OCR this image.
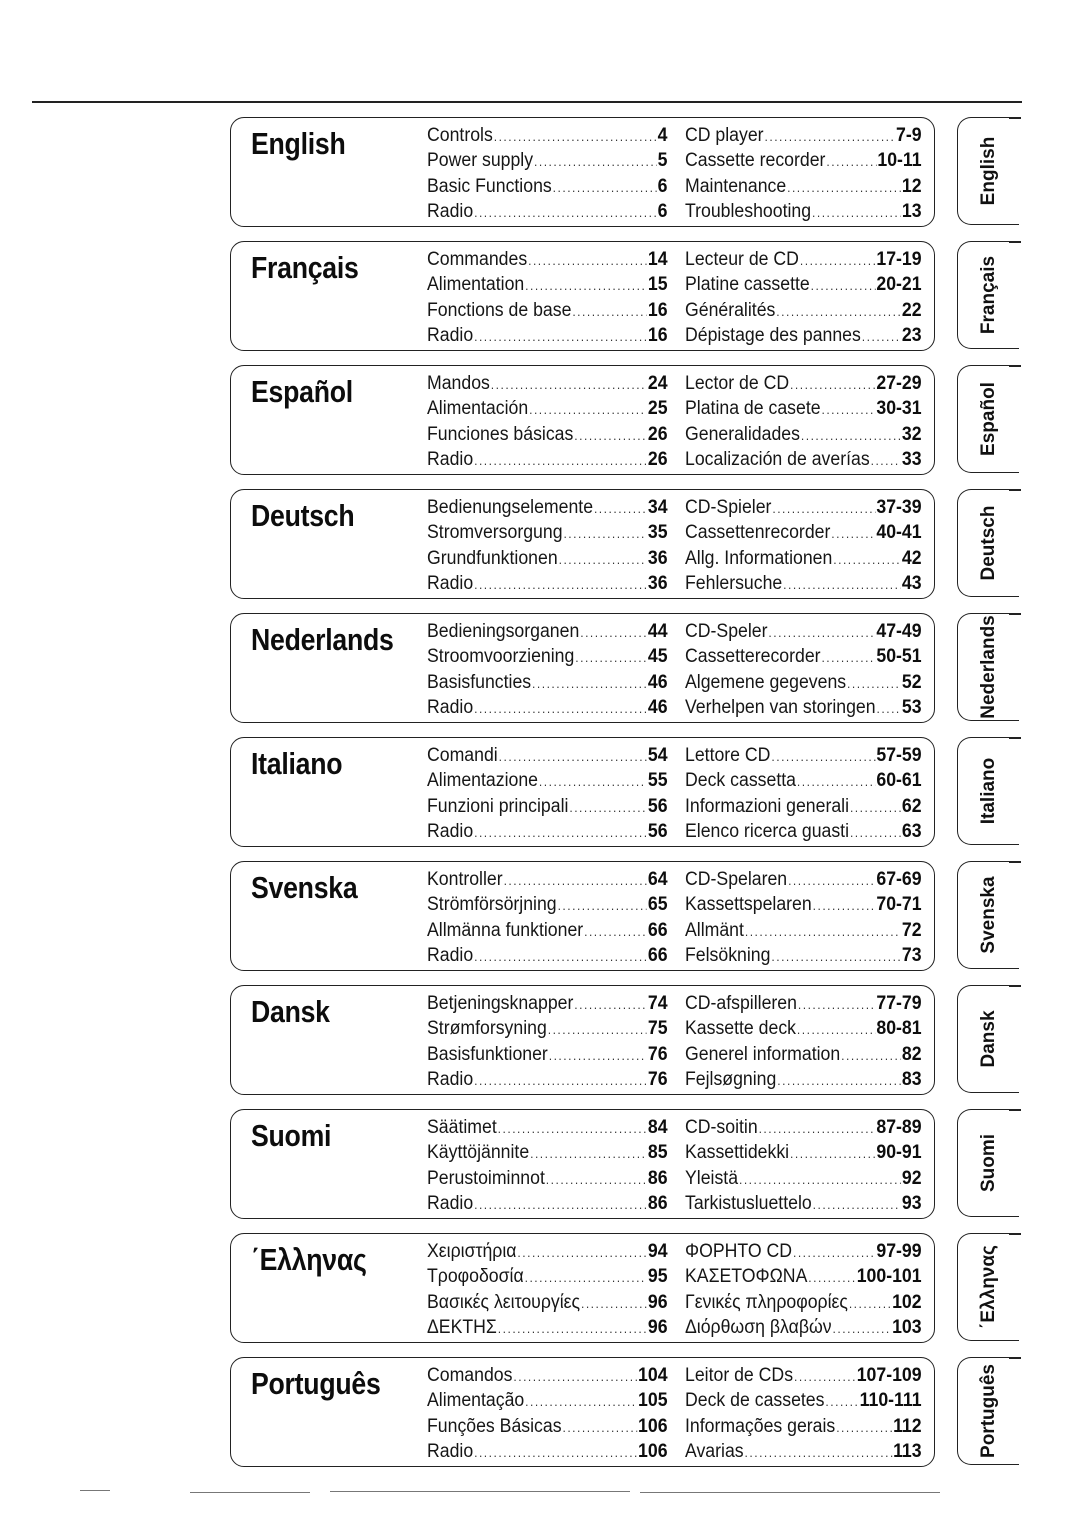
English	Controls .....	4
Power supply .....	5
Basic Functions .....	6
Radio .....	6
CD player .....	7-9
Cassette recorder .....	10-11
Maintenance .....	12
Troubleshooting .....	13
Français	Commandes .....	14
Alimentation .....	15
Fonctions de base .....	16
Radio .....	16
Lecteur de CD .....	17-19
Platine cassette .....	20-21
Généralités .....	22
Dépistage des pannes ..... 23
Español	Mandos .....	24
Alimentación .....	25
Funciones básicas .....	26
Radio .....	26
Lector de CD .....	27-29
Platina de casete .....	30-31
Generalidades .....	32
Localización de averías ..... 33
Deutsch	Bedienungselemente .....	34
Stromversorgung .....	35
Grundfunktionen .....	36
Radio .....	36
CD-Spieler .....	37-39
Cassettenrecorder ..... 40-41
Allg. Informationen .....	42
Fehlersuche .....	43
Nederlands Bedieningsorganen .....	44
Stroomvoorziening .....	45
Basisfuncties .....	46
Radio .....	46
CD-Speler .....	47-49
Cassetterecorder .....	50-51
Algemene gegevens .....	52
Verhelpen van storingen ..... 53
Italiano	Comandi .....	54
Alimentazione .....	55
Funzioni principali .....	56
Radio .....	56
Lettore CD .....	57-59
Deck cassetta .....	60-61
Informazioni generali .....	62
Elenco ricerca guasti .....	63
Svenska	Kontroller .....	64
Strömförsörjning .....	65
Allmänna funktioner .....	66
Radio .....	66
CD-Spelaren .....	67-69
Kassettspelaren .....	70-71
Allmänt .....	72
Felsökning .....	73
Dansk	Betjeningsknapper .....	74
Strømforsyning .....	75
Basisfunktioner .....	76
Radio .....	76
CD-afspilleren .....	77-79
Kassette deck .....	80-81
Generel information .....	82
Fejlsøgning .....	83
Suomi	Säätimet .....	84
Käyttöjännite .....	85
Perustoiminnot .....	86
Radio .....	86
CD-soitin .....	87-89
Kassettidekki .....	90-91
Yleistä .....	92
Tarkistusluettelo .....	93
΄Ελληνας	Χειριστήρια .....	94
Τροφοδοσία .....	95
Βασικές λειτουργίες .....	96
ΔΕΚΤΗΣ .....	96
ΦΟΡΗΤΟ CD .....	97-99
ΚΑΣΕΤΟΦΩΝΑ .....	100-101
Γενικές πληροφορίες ..... 102
Διόρθωση βλαβών .....	103
Português Comandos .....	104
Alimentação .....	105
Funções Básicas .....	106
Radio .....	106
Leitor de CDs .....	107-109
Deck de cassetes ..... 110-111
Informações gerais .....	112
Avarias .....	113
English
Français
Español
Deutsch
Nederlands
Italiano
Svenska
Dansk
Suomi
΄Ελληνας
Português
